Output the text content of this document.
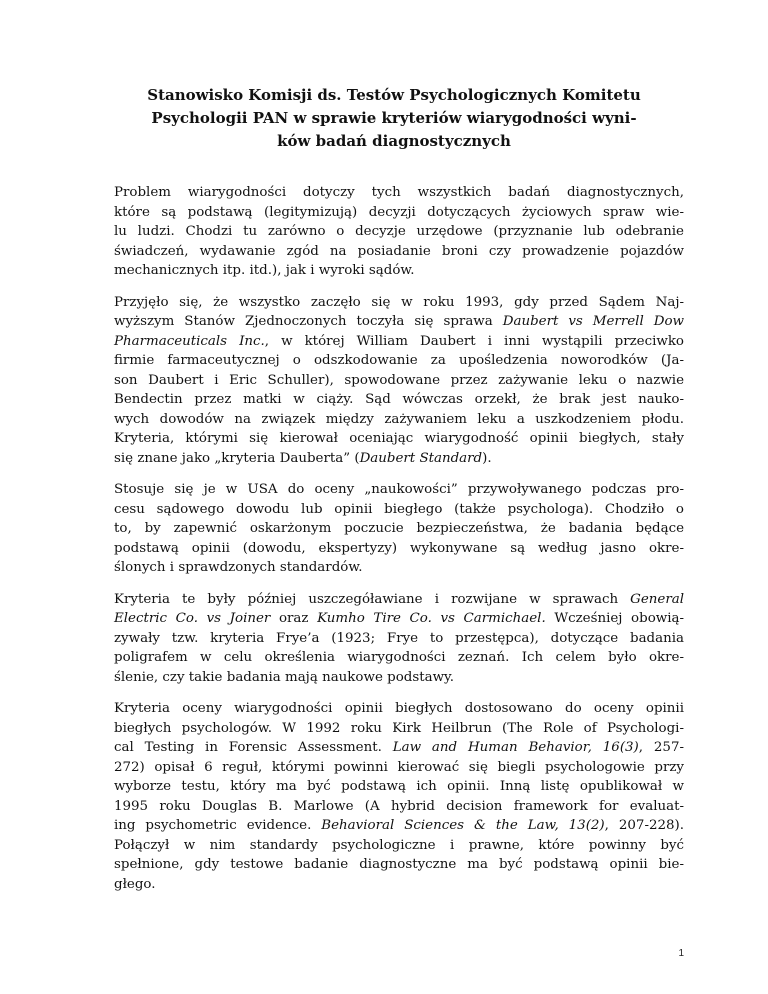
Stanowisko Komisji ds. Testów Psychologicznych Komitetu
Psychologii PAN w sprawie kryteriów wiarygodności wyni-
ków badań diagnostycznych

Problem wiarygodności dotyczy tych wszystkich badań diagnostycznych,
które są podstawą (legitymizują) decyzji dotyczących życiowych spraw wie-
lu ludzi. Chodzi tu zarówno o decyzje urzędowe (przyznanie lub odebranie
świadczeń, wydawanie zgód na posiadanie broni czy prowadzenie pojazdów
mechanicznych itp. itd.), jak i wyroki sądów.

Przyjęło się, że wszystko zaczęło się w roku 1993, gdy przed Sądem Naj-
wyższym Stanów Zjednoczonych toczyła się sprawa Daubert vs Merrell Dow
Pharmaceuticals Inc., w której William Daubert i inni wystąpili przeciwko
firmie farmaceutycznej o odszkodowanie za upośledzenia noworodków (Ja-
son Daubert i Eric Schuller), spowodowane przez zażywanie leku o nazwie
Bendectin przez matki w ciąży. Sąd wówczas orzekł, że brak jest nauko-
wych dowodów na związek między zażywaniem leku a uszkodzeniem płodu.
Kryteria, którymi się kierował oceniając wiarygodność opinii biegłych, stały
się znane jako „kryteria Dauberta” (Daubert Standard).

Stosuje się je w USA do oceny „naukowości” przywoływanego podczas pro-
cesu sądowego dowodu lub opinii biegłego (także psychologa). Chodziło o
to, by zapewnić oskarżonym poczucie bezpieczeństwa, że badania będące
podstawą opinii (dowodu, ekspertyzy) wykonywane są według jasno okre-
ślonych i sprawdzonych standardów.

Kryteria te były później uszczegóławiane i rozwijane w sprawach General
Electric Co. vs Joiner oraz Kumho Tire Co. vs Carmichael. Wcześniej obowią-
zywały tzw. kryteria Frye’a (1923; Frye to przestępca), dotyczące badania
poligrafem w celu określenia wiarygodności zeznań. Ich celem było okre-
ślenie, czy takie badania mają naukowe podstawy.

Kryteria oceny wiarygodności opinii biegłych dostosowano do oceny opinii
biegłych psychologów. W 1992 roku Kirk Heilbrun (The Role of Psychologi-
cal Testing in Forensic Assessment. Law and Human Behavior, 16(3), 257-
272) opisał 6 reguł, którymi powinni kierować się biegli psychologowie przy
wyborze testu, który ma być podstawą ich opinii. Inną listę opublikował w
1995 roku Douglas B. Marlowe (A hybrid decision framework for evaluat-
ing psychometric evidence. Behavioral Sciences & the Law, 13(2), 207-228).
Połączył w nim standardy psychologiczne i prawne, które powinny być
spełnione, gdy testowe badanie diagnostyczne ma być podstawą opinii bie-
głego.

1
